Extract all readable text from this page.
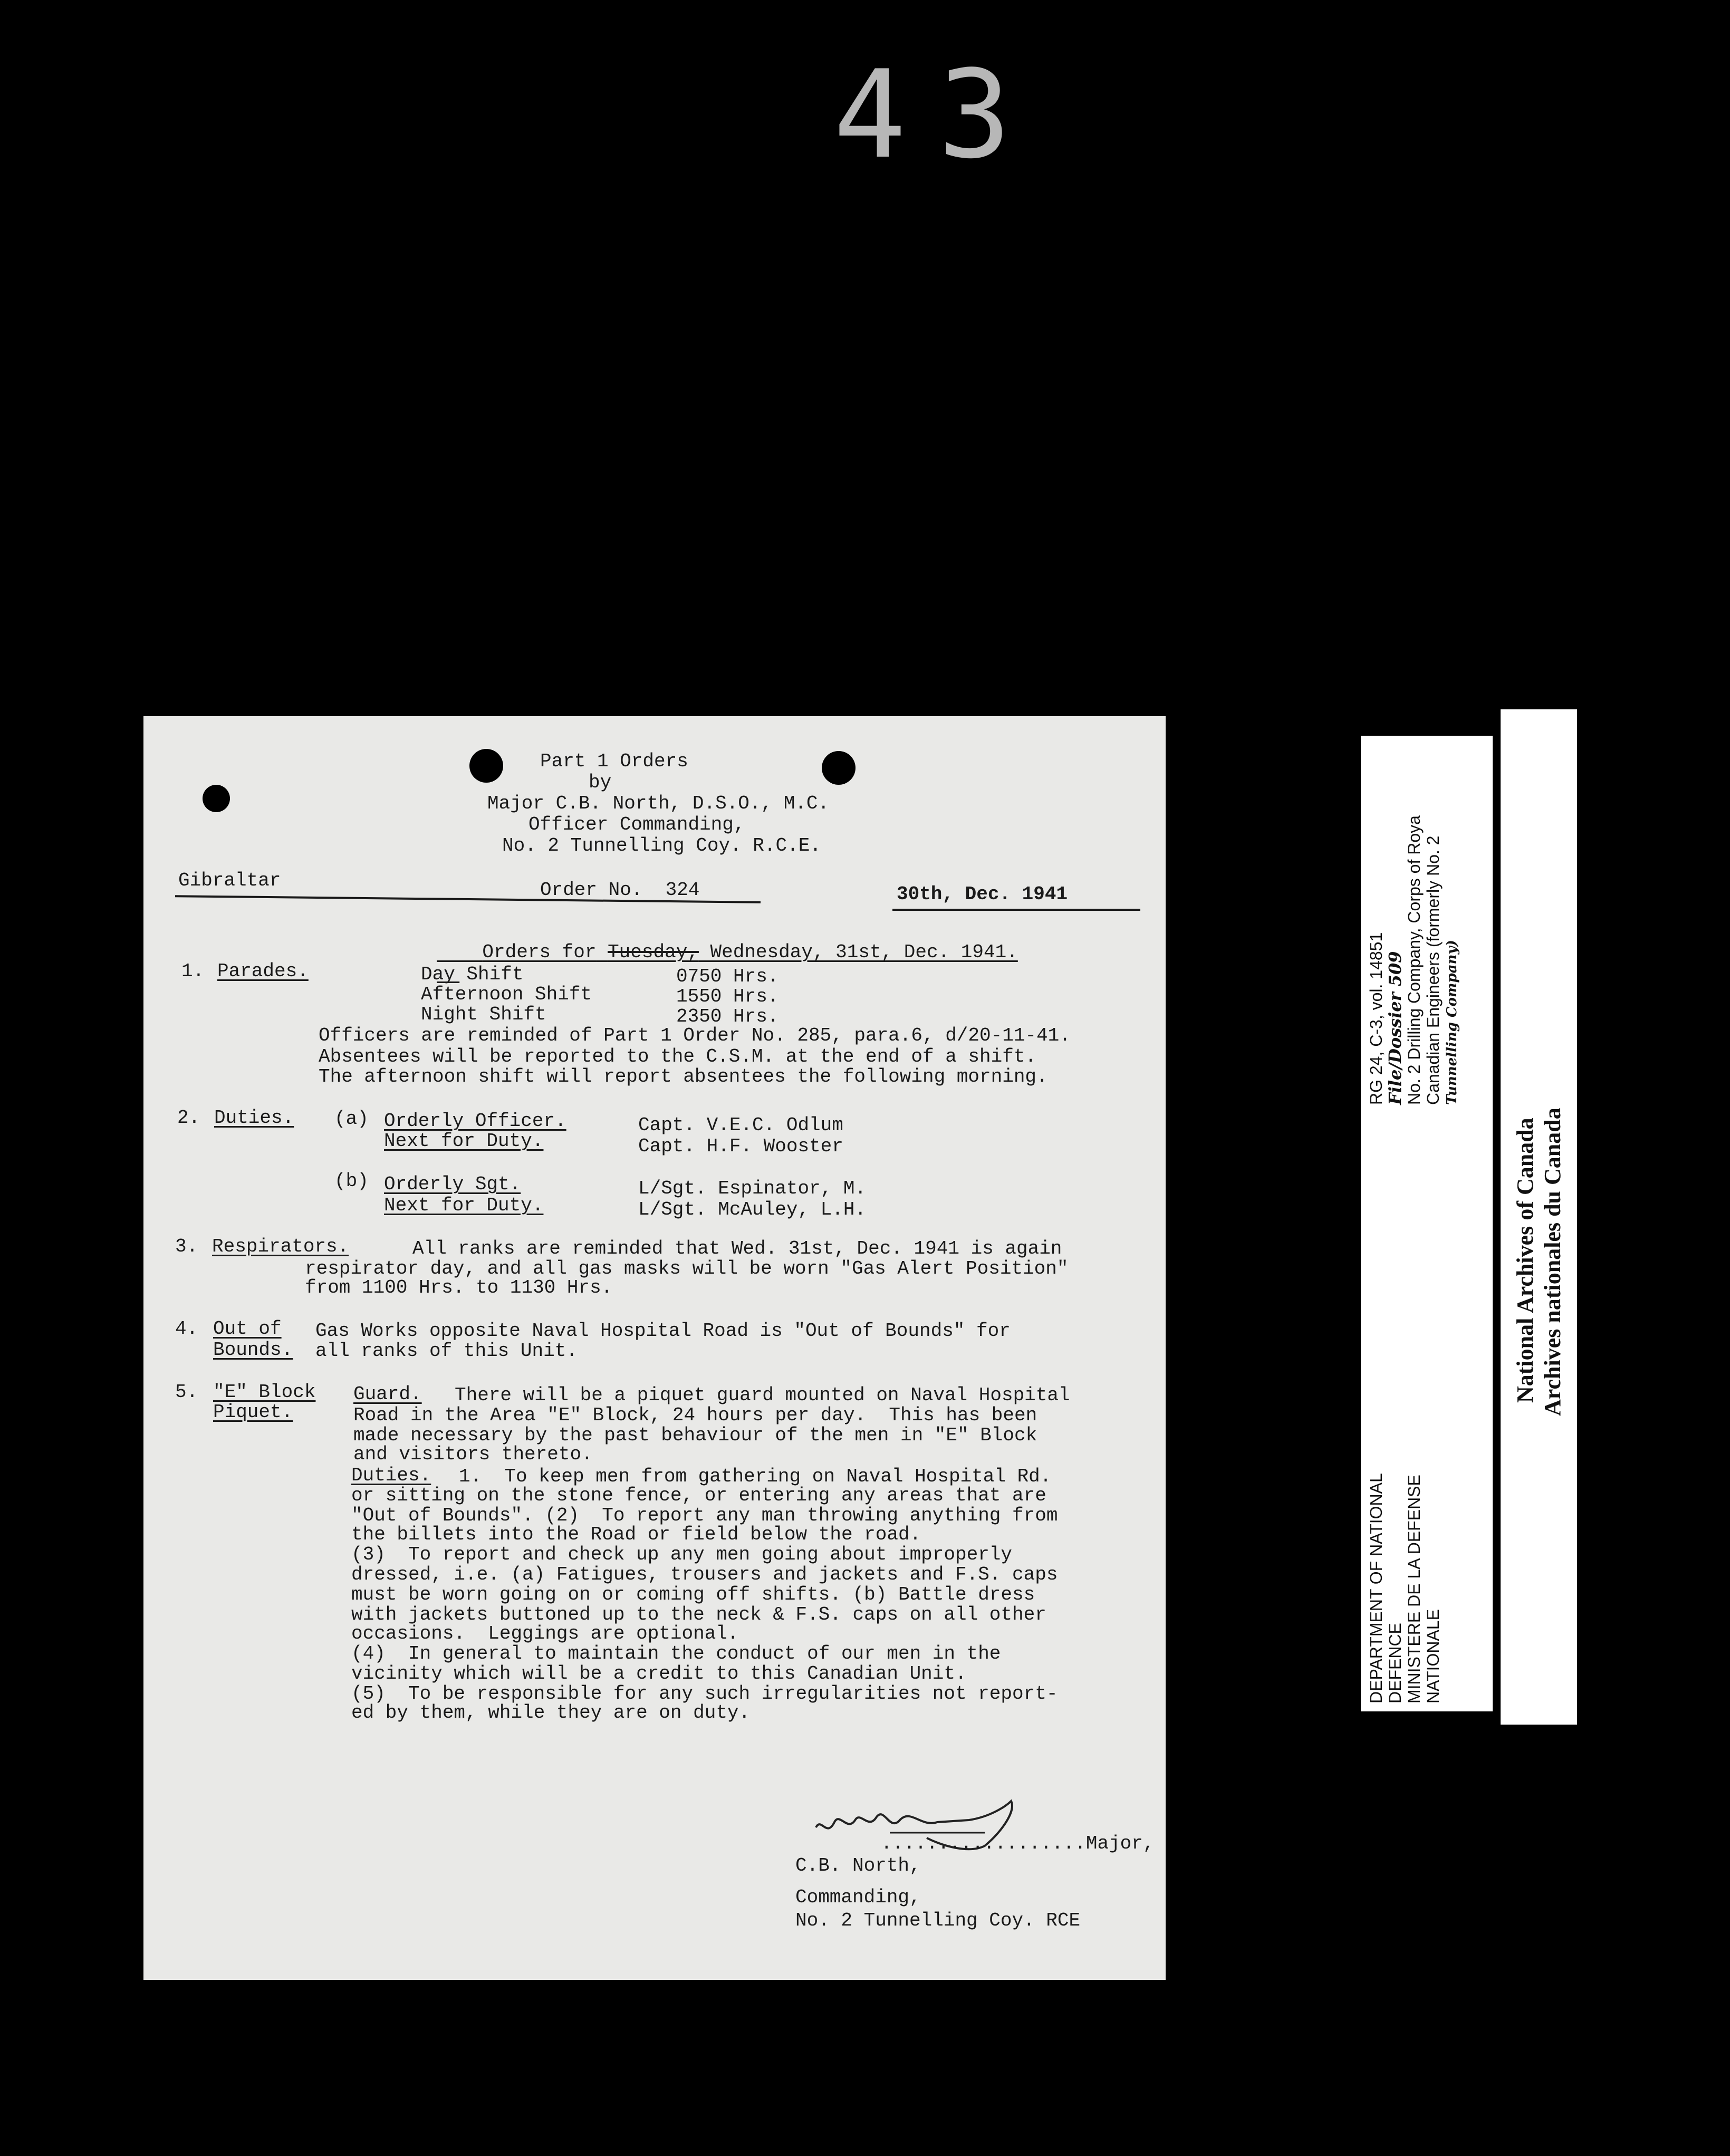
43
Part 1 Orders
by
Major C.B. North, D.S.O., M.C.
Officer Commanding,
No. 2 Tunnelling Coy. R.C.E.
Gibraltar	Order No.  324	30th, Dec. 1941

Orders for Tuesday, Wednesday, 31st, Dec. 1941.

1. Parades.	Day Shift	0750 Hrs.
Afternoon Shift	1550 Hrs.
Night Shift	2350 Hrs.
Officers are reminded of Part 1 Order No. 285, para.6, d/20-11-41.
Absentees will be reported to the C.S.M. at the end of a shift.
The afternoon shift will report absentees the following morning.
2. Duties. (a) Orderly Officer.	Capt. V.E.C. Odlum
Next for Duty.	Capt. H.F. Wooster
(b) Orderly Sgt.	L/Sgt. Espinator, M.
Next for Duty.	L/Sgt. McAuley, L.H.
3. Respirators.	All ranks are reminded that Wed. 31st, Dec. 1941 is again
respirator day, and all gas masks will be worn "Gas Alert Position"
from 1100 Hrs. to 1130 Hrs.
4. Out of
Bounds.
Gas Works opposite Naval Hospital Road is "Out of Bounds" for
all ranks of this Unit.
5. "E" Block
Piquet.
Guard. There will be a piquet guard mounted on Naval Hospital
Road in the Area "E" Block, 24 hours per day.  This has been
made necessary by the past behaviour of the men in "E" Block
and visitors thereto.
Duties. 1.  To keep men from gathering on Naval Hospital Rd.
or sitting on the stone fence, or entering any areas that are
"Out of Bounds". (2)  To report any man throwing anything from
the billets into the Road or field below the road.
(3)  To report and check up any men going about improperly
dressed, i.e. (a) Fatigues, trousers and jackets and F.S. caps
must be worn going on or coming off shifts. (b) Battle dress
with jackets buttoned up to the neck & F.S. caps on all other
occasions.  Leggings are optional.
(4)  In general to maintain the conduct of our men in the
vicinity which will be a credit to this Canadian Unit.
(5)  To be responsible for any such irregularities not report-
ed by them, while they are on duty.
..................Major,
C.B. North,
Commanding,
No. 2 Tunnelling Coy. RCE
DEPARTMENT OF NATIONAL DEFENCE MINISTERE DE LA DEFENSE NATIONALE
RG 24, C-3, vol. 14851 File/Dossier 509 No. 2 Drilling Company, Corps of Roya Canadian Engineers (formerly No. 2 Tunnelling Company)
National Archives of Canada Archives nationales du Canada
